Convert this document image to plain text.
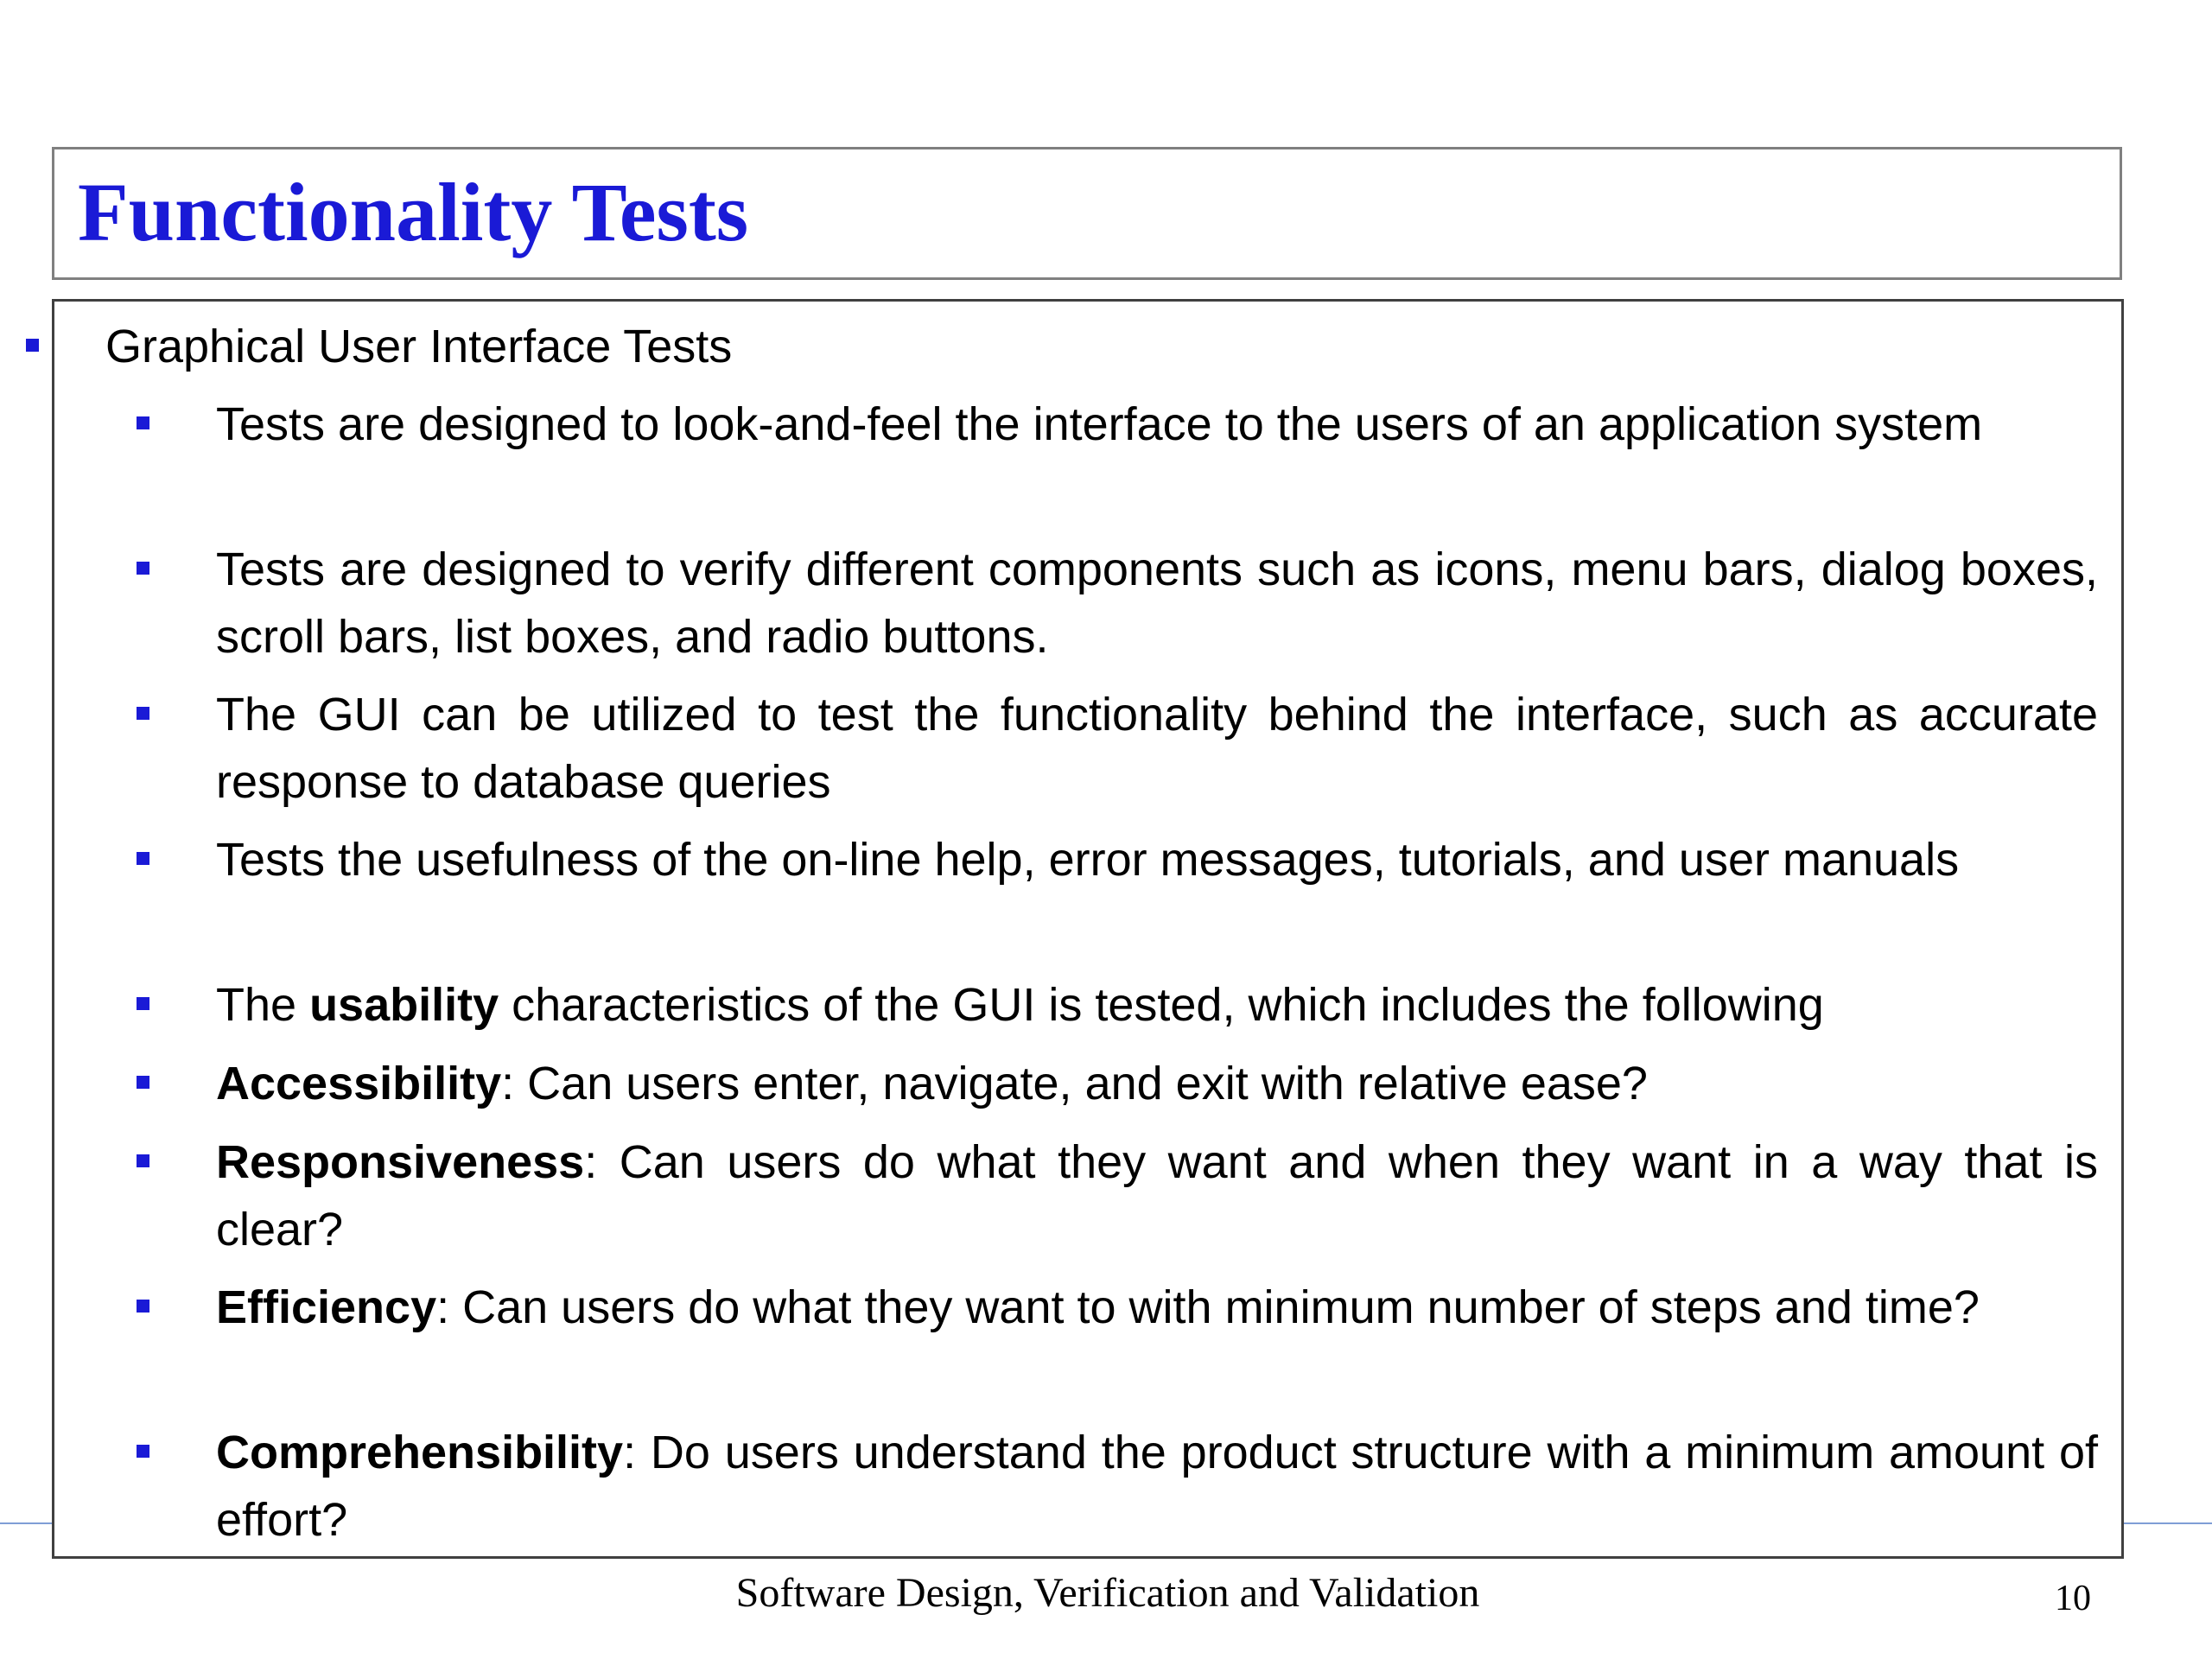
Functionality Tests
Graphical User Interface Tests
Tests are designed to look-and-feel the interface to the users of an application system
Tests are designed to verify different components such as icons, menu bars, dialog boxes, scroll bars, list boxes, and radio buttons.
The GUI can be utilized to test the functionality behind the interface, such as accurate response to database queries
Tests the usefulness of the on-line help, error messages, tutorials, and user manuals
The usability characteristics of the GUI is tested, which includes the following
Accessibility: Can users enter, navigate, and exit with relative ease?
Responsiveness: Can users do what they want and when they want in a way that is clear?
Efficiency: Can users do what they want to with minimum number of steps and time?
Comprehensibility: Do users understand the product structure with a minimum amount of effort?
Software Design, Verification and Validation	10
